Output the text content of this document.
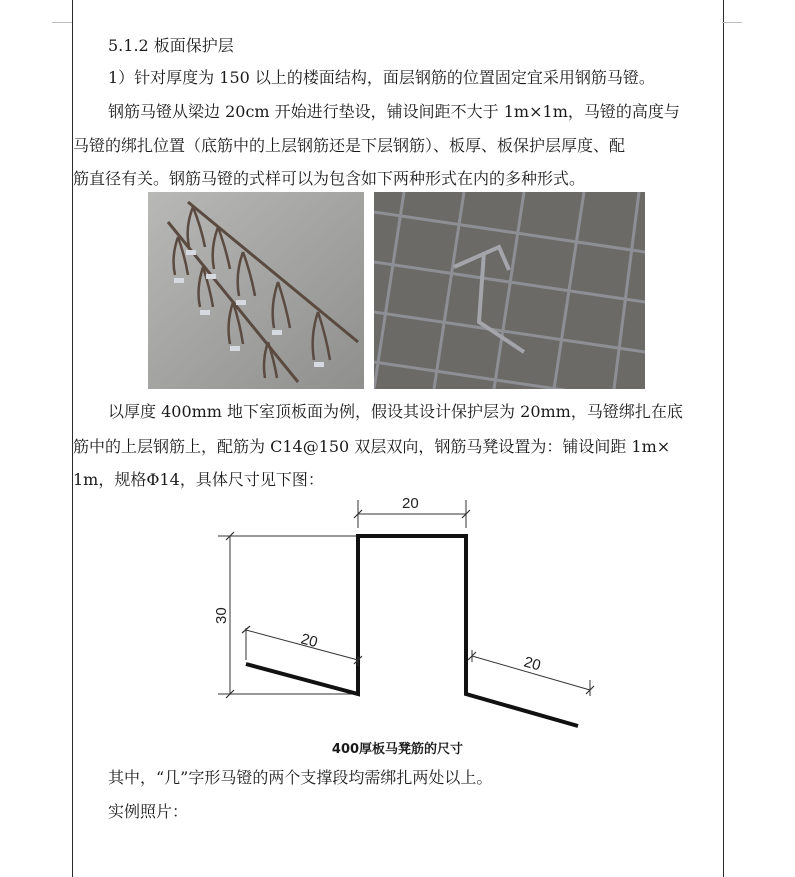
5.1.2 板面保护层
1）针对厚度为 150 以上的楼面结构，面层钢筋的位置固定宜采用钢筋马镫。
钢筋马镫从梁边 20cm 开始进行垫设，铺设间距不大于 1m×1m，马镫的高度与
马镫的绑扎位置（底筋中的上层钢筋还是下层钢筋）、板厚、板保护层厚度、配
筋直径有关。钢筋马镫的式样可以为包含如下两种形式在内的多种形式。
以厚度 400mm 地下室顶板面为例，假设其设计保护层为 20mm，马镫绑扎在底
筋中的上层钢筋上，配筋为 C14@150 双层双向，钢筋马凳设置为：铺设间距 1m×
1m，规格Φ14，具体尺寸见下图：
20
30
20
20
400厚板马凳筋的尺寸
其中，“几”字形马镫的两个支撑段均需绑扎两处以上。
实例照片：
